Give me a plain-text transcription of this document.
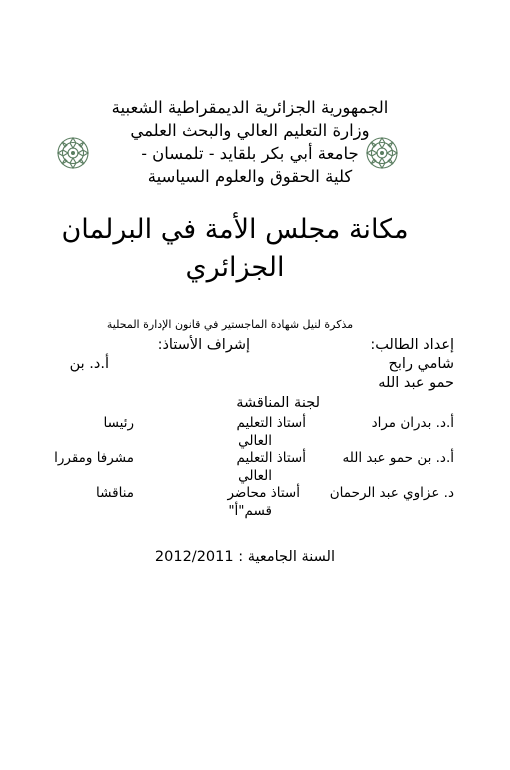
الجمهورية الجزائرية الديمقراطية الشعبية
وزارة التعليم العالي والبحث العلمي
جامعة أبي بكر بلقايد - تلمسان -
كلية الحقوق والعلوم السياسية
مكانة مجلس الأمة في البرلمان
الجزائري
مذكرة لنيل شهادة الماجستير في قانون الإدارة المحلية
إعداد الطالب:
إشراف الأستاذ:
شامي رابح
أ.د. بن
حمو عبد الله
لجنة المناقشة
أ.د. بدران مراد
أستاذ التعليم
العالي
رئيسا
أ.د. بن حمو عبد الله
أستاذ التعليم
العالي
مشرفا ومقررا
د. عزاوي عبد الرحمان
أستاذ محاضر
قسم"أ"
مناقشا
السنة الجامعية : 2012/2011
